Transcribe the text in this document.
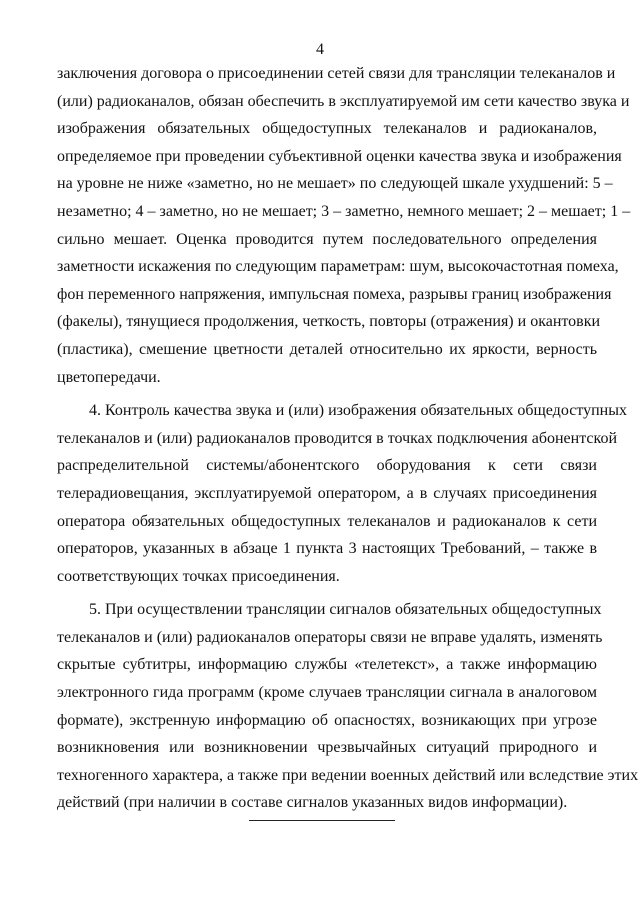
4
заключения договора о присоединении сетей связи для трансляции телеканалов и
(или) радиоканалов, обязан обеспечить в эксплуатируемой им сети качество звука и
изображения обязательных общедоступных телеканалов и радиоканалов,
определяемое при проведении субъективной оценки качества звука и изображения
на уровне не ниже «заметно, но не мешает» по следующей шкале ухудшений: 5 –
незаметно; 4 – заметно, но не мешает; 3 – заметно, немного мешает; 2 – мешает; 1 –
сильно мешает. Оценка проводится путем последовательного определения
заметности искажения по следующим параметрам: шум, высокочастотная помеха,
фон переменного напряжения, импульсная помеха, разрывы границ изображения
(факелы), тянущиеся продолжения, четкость, повторы (отражения) и окантовки
(пластика), смешение цветности деталей относительно их яркости, верность
цветопередачи.
4. Контроль качества звука и (или) изображения обязательных общедоступных
телеканалов и (или) радиоканалов проводится в точках подключения абонентской
распределительной системы/абонентского оборудования к сети связи
телерадиовещания, эксплуатируемой оператором, а в случаях присоединения
оператора обязательных общедоступных телеканалов и радиоканалов к сети
операторов, указанных в абзаце 1 пункта 3 настоящих Требований, – также в
соответствующих точках присоединения.
5. При осуществлении трансляции сигналов обязательных общедоступных
телеканалов и (или) радиоканалов операторы связи не вправе удалять, изменять
скрытые субтитры, информацию службы «телетекст», а также информацию
электронного гида программ (кроме случаев трансляции сигнала в аналоговом
формате), экстренную информацию об опасностях, возникающих при угрозе
возникновения или возникновении чрезвычайных ситуаций природного и
техногенного характера, а также при ведении военных действий или вследствие этих
действий (при наличии в составе сигналов указанных видов информации).
